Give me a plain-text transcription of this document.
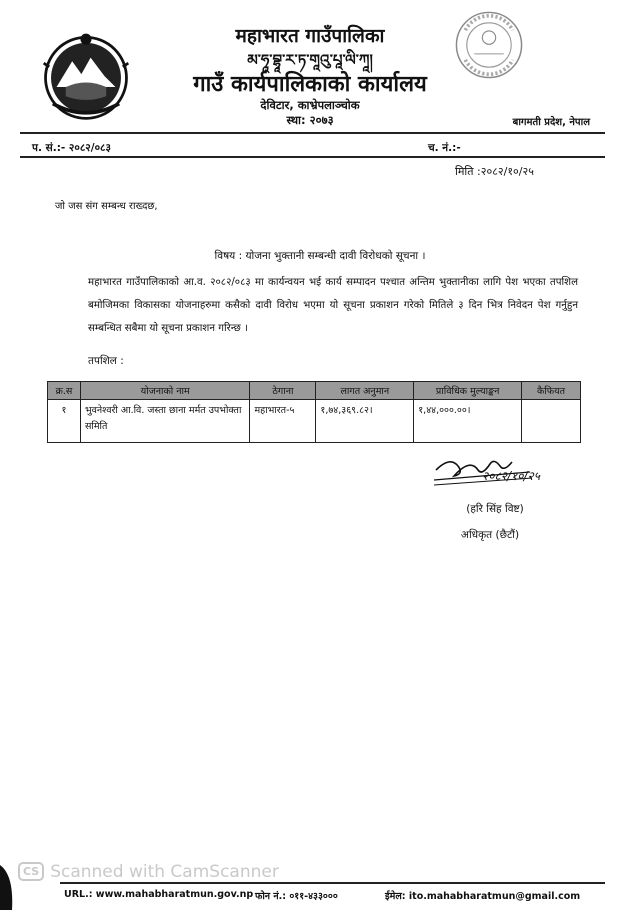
महाभारत गाउँपालिका
མ་ཧཱ་བྷཱ་ར་ཏ་གཱའུ་པཱ་ལི་ཀཱ།
गाउँ कार्यपालिकाको कार्यालय
देविटार, काभ्रेपलाञ्चोक
स्था: २०७३	बागमती प्रदेश, नेपाल
प. सं.:- २०८२/०८३	च. नं.:-
मिति :२०८२/१०/२५
जो जस संग सम्बन्ध राख्दछ,
विषय : योजना भुक्तानी सम्बन्धी दावी विरोधको सूचना ।
महाभारत गाउँपालिकाको आ.व. २०८२/०८३ मा कार्यन्वयन भई कार्य सम्पादन पश्चात अन्तिम भुक्तानीका लागि पेश भएका तपशिल बमोजिमका विकासका योजनाहरुमा कसैको दावी विरोध भएमा यो सूचना प्रकाशन गरेको मितिले ३ दिन भित्र निवेदन पेश गर्नुहुन सम्बन्धित सबैमा यो सूचना प्रकाशन गरिन्छ ।
तपशिल :
क्र.स	योजनाको नाम	ठेगाना	लागत अनुमान	प्राविधिक मुल्याङ्कन	कैफियत
१	भुवनेश्वरी आ.वि. जस्ता छाना मर्मत उपभोक्ता समिति	महाभारत-५	१,७४,३६९.८२।	१,४४,०००.००।	
२०८२/१०/२५
(हरि सिंह विष्ट)
अधिकृत (छैटौं)
CS Scanned with CamScanner
URL.: www.mahabharatmun.gov.np फोन नं.: ०११-४३३०००	ईमेल: ito.mahabharatmun@gmail.com
